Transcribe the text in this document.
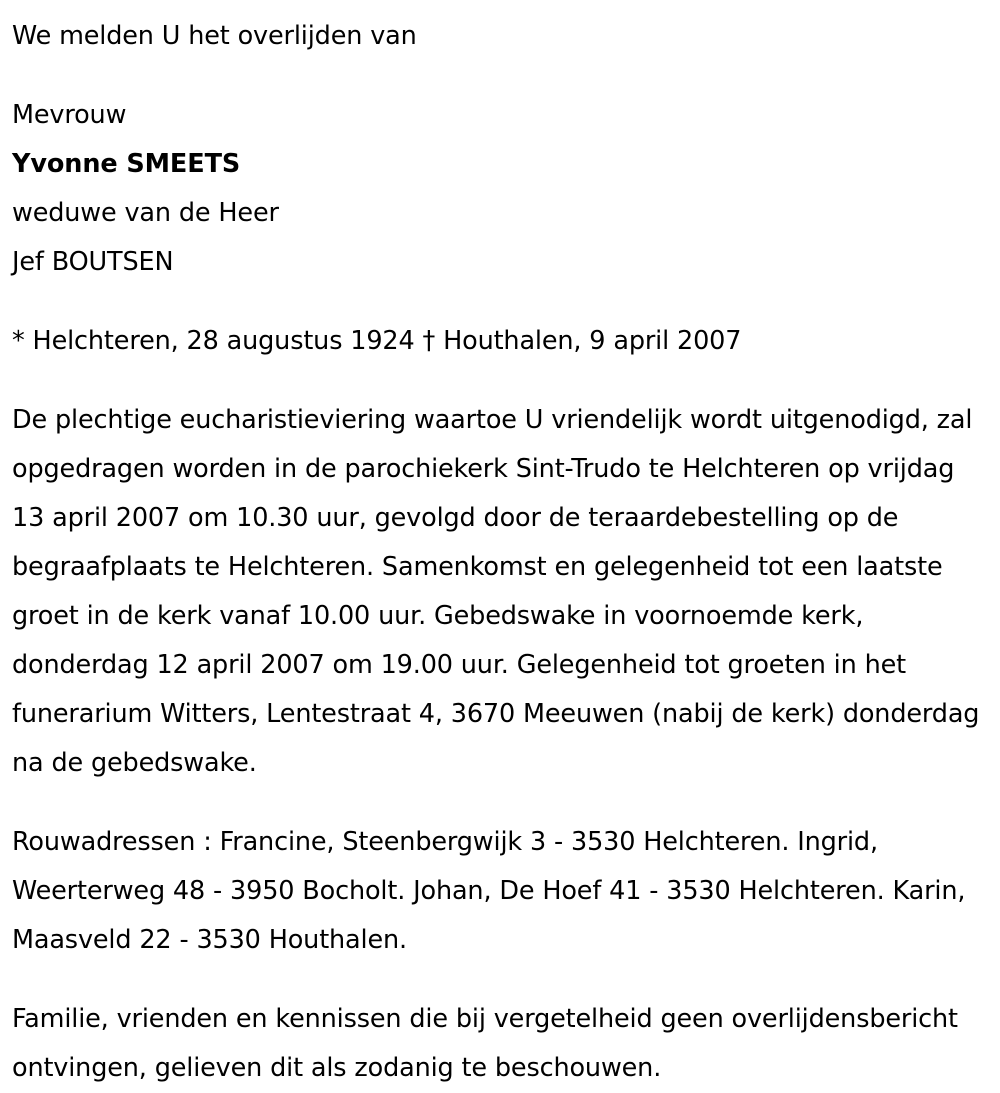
We melden U het overlijden van
Mevrouw
Yvonne SMEETS
weduwe van de Heer
Jef BOUTSEN
* Helchteren, 28 augustus 1924 † Houthalen, 9 april 2007

De plechtige eucharistieviering waartoe U vriendelijk wordt uitgenodigd, zal opgedragen worden in de parochiekerk Sint-Trudo te Helchteren op vrijdag 13 april 2007 om 10.30 uur, gevolgd door de teraardebestelling op de begraafplaats te Helchteren. Samenkomst en gelegenheid tot een laatste groet in de kerk vanaf 10.00 uur. Gebedswake in voornoemde kerk, donderdag 12 april 2007 om 19.00 uur. Gelegenheid tot groeten in het funerarium Witters, Lentestraat 4, 3670 Meeuwen (nabij de kerk) donderdag na de gebedswake.

Rouwadressen : Francine, Steenbergwijk 3 - 3530 Helchteren. Ingrid, Weerterweg 48 - 3950 Bocholt. Johan, De Hoef 41 - 3530 Helchteren. Karin, Maasveld 22 - 3530 Houthalen.

Familie, vrienden en kennissen die bij vergetelheid geen overlijdensbericht ontvingen, gelieven dit als zodanig te beschouwen.
